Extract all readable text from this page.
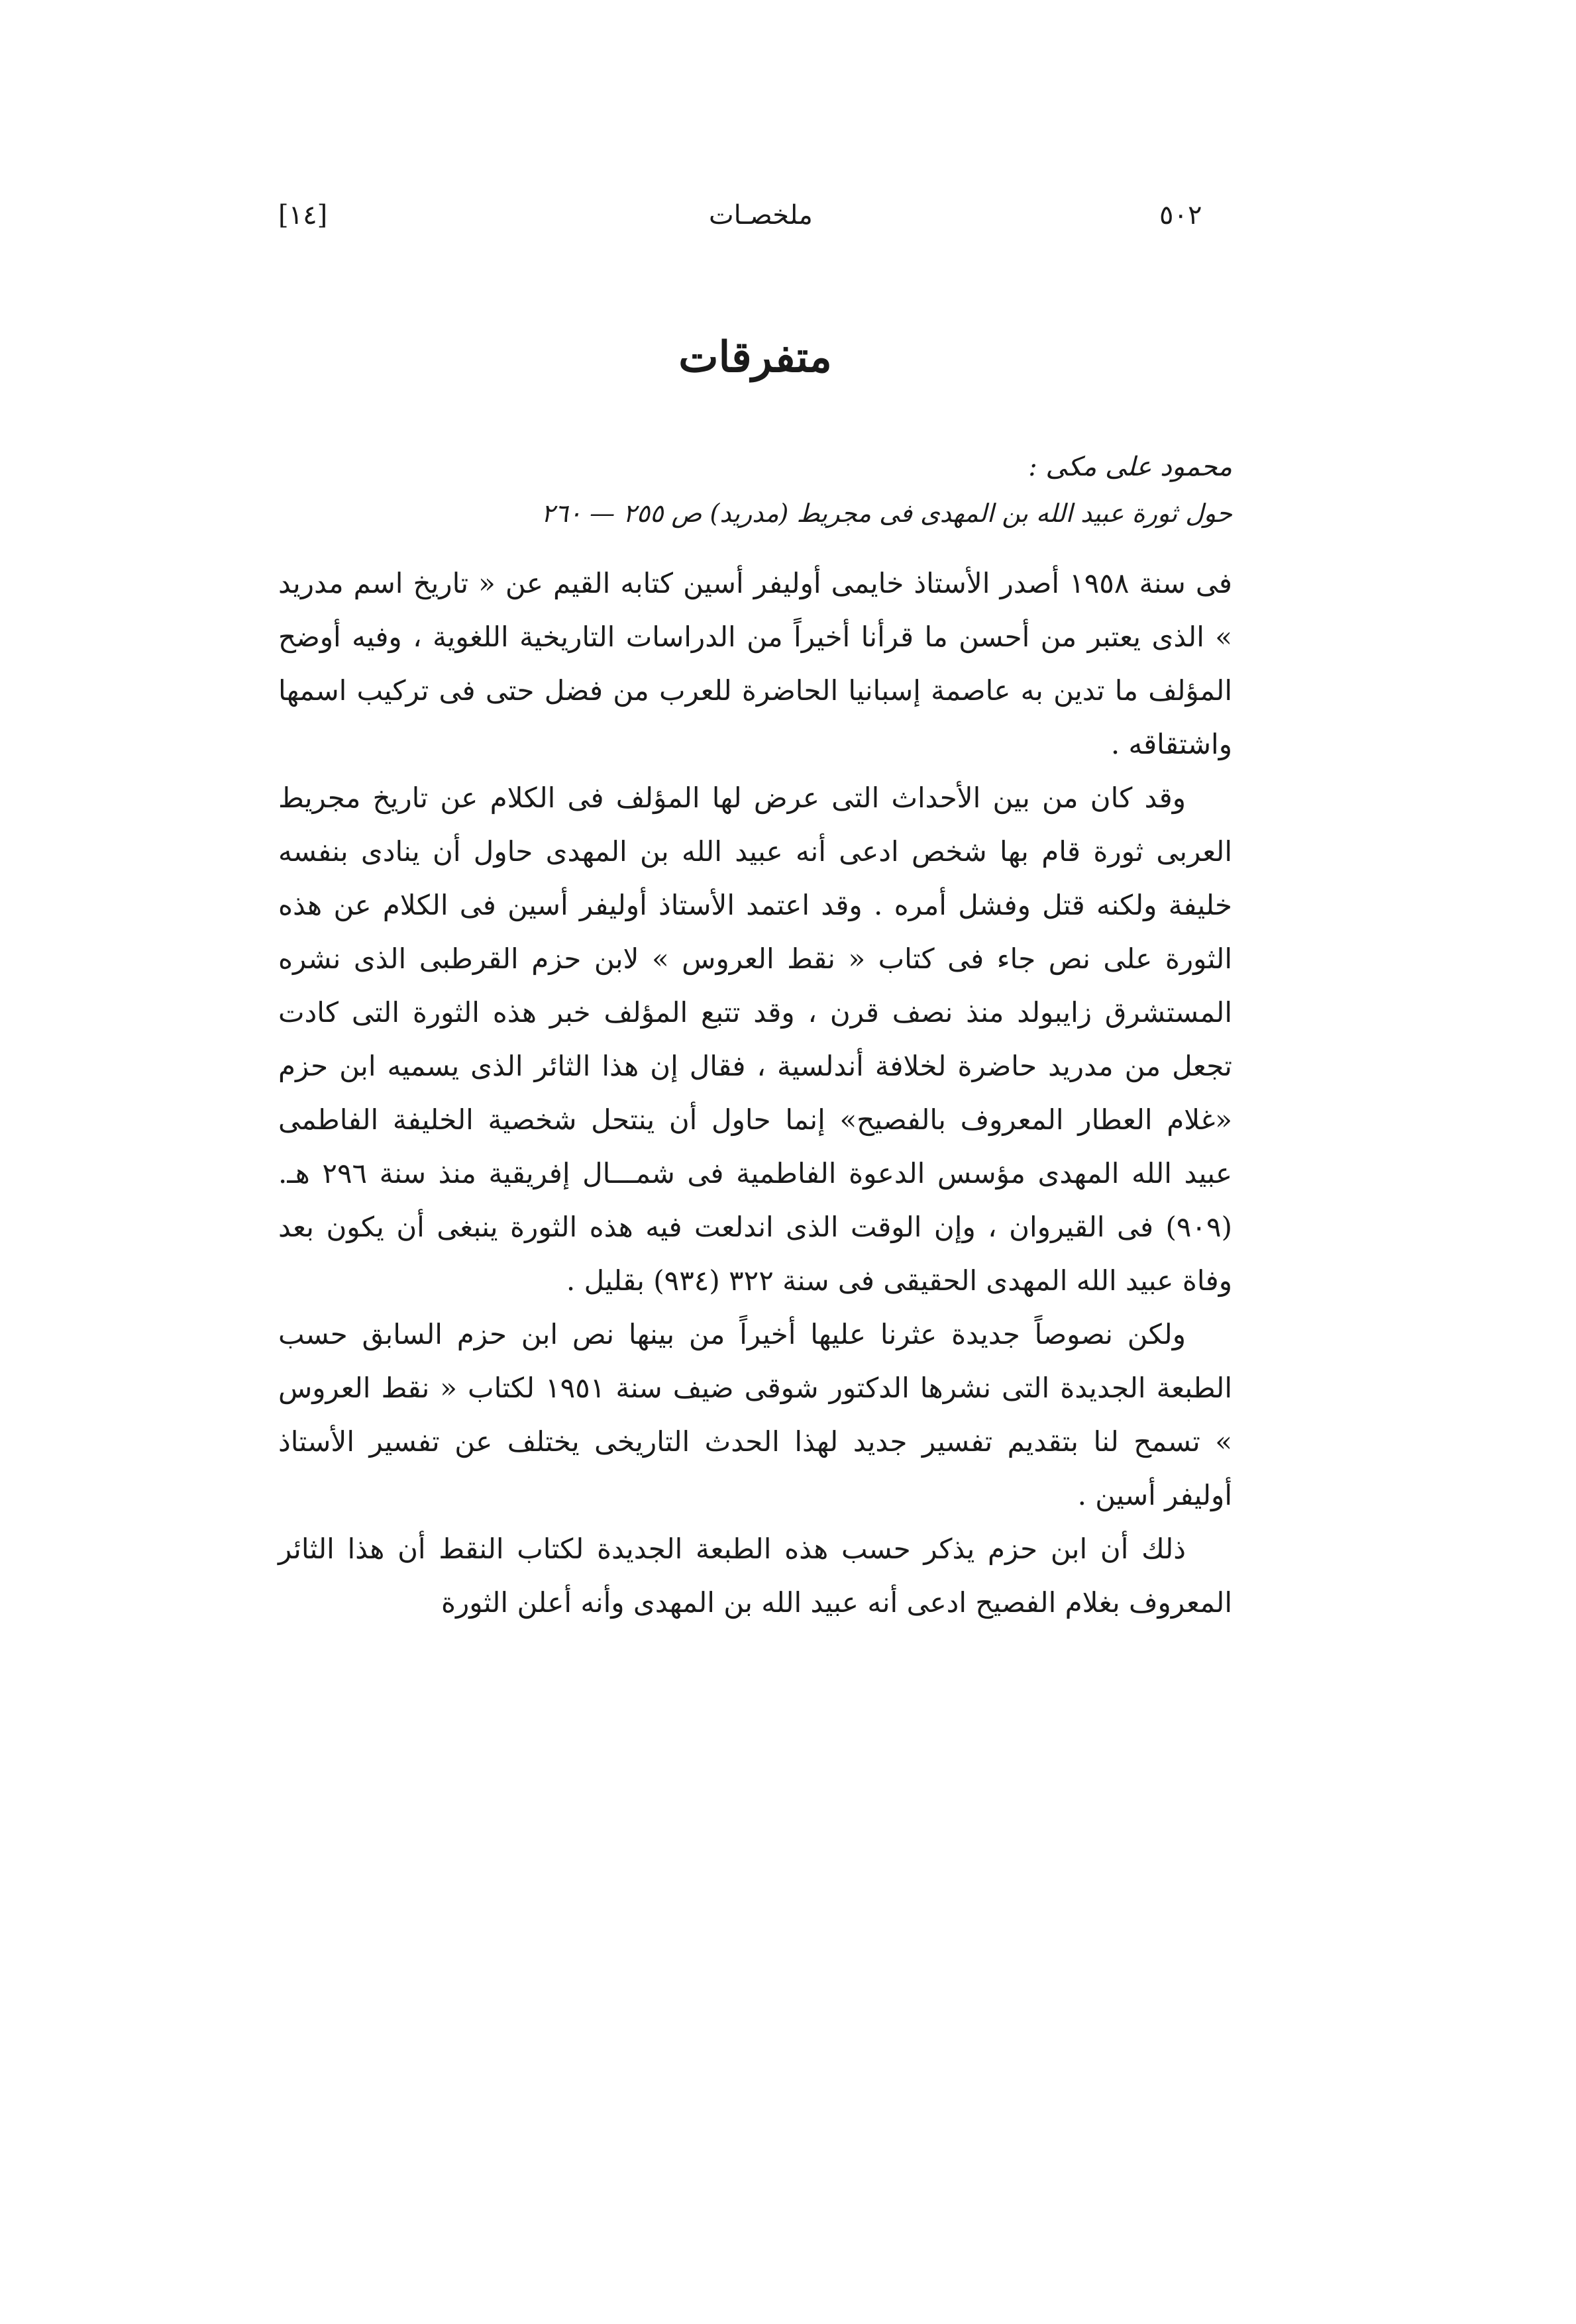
[١٤]	ملخصـات	٥٠٢
متفرقات
محمود على مكى :
حول ثورة عبيد الله بن المهدى فى مجريط (مدريد) ص ٢٥٥ — ٢٦٠

فى سنة ١٩٥٨ أصدر الأستاذ خايمى أوليفر أسين كتابه القيم عن « تاريخ اسم مدريد » الذى يعتبر من أحسن ما قرأنا أخيراً من الدراسات التاريخية اللغوية ، وفيه أوضح المؤلف ما تدين به عاصمة إسبانيا الحاضرة للعرب من فضل حتى فى تركيب اسمها واشتقاقه .

وقد كان من بين الأحداث التى عرض لها المؤلف فى الكلام عن تاريخ مجريط العربى ثورة قام بها شخص ادعى أنه عبيد الله بن المهدى حاول أن ينادى بنفسه خليفة ولكنه قتل وفشل أمره . وقد اعتمد الأستاذ أوليفر أسين فى الكلام عن هذه الثورة على نص جاء فى كتاب « نقط العروس » لابن حزم القرطبى الذى نشره المستشرق زايبولد منذ نصف قرن ، وقد تتبع المؤلف خبر هذه الثورة التى كادت تجعل من مدريد حاضرة لخلافة أندلسية ، فقال إن هذا الثائر الذى يسميه ابن حزم «غلام العطار المعروف بالفصيح» إنما حاول أن ينتحل شخصية الخليفة الفاطمى عبيد الله المهدى مؤسس الدعوة الفاطمية فى شمـــال إفريقية منذ سنة ٢٩٦ هـ. (٩٠٩) فى القيروان ، وإن الوقت الذى اندلعت فيه هذه الثورة ينبغى أن يكون بعد وفاة عبيد الله المهدى الحقيقى فى سنة ٣٢٢ (٩٣٤) بقليل .

ولكن نصوصاً جديدة عثرنا عليها أخيراً من بينها نص ابن حزم السابق حسب الطبعة الجديدة التى نشرها الدكتور شوقى ضيف سنة ١٩٥١ لكتاب « نقط العروس » تسمح لنا بتقديم تفسير جديد لهذا الحدث التاريخى يختلف عن تفسير الأستاذ أوليفر أسين .

ذلك أن ابن حزم يذكر حسب هذه الطبعة الجديدة لكتاب النقط أن هذا الثائر المعروف بغلام الفصيح ادعى أنه عبيد الله بن المهدى وأنه أعلن الثورة
